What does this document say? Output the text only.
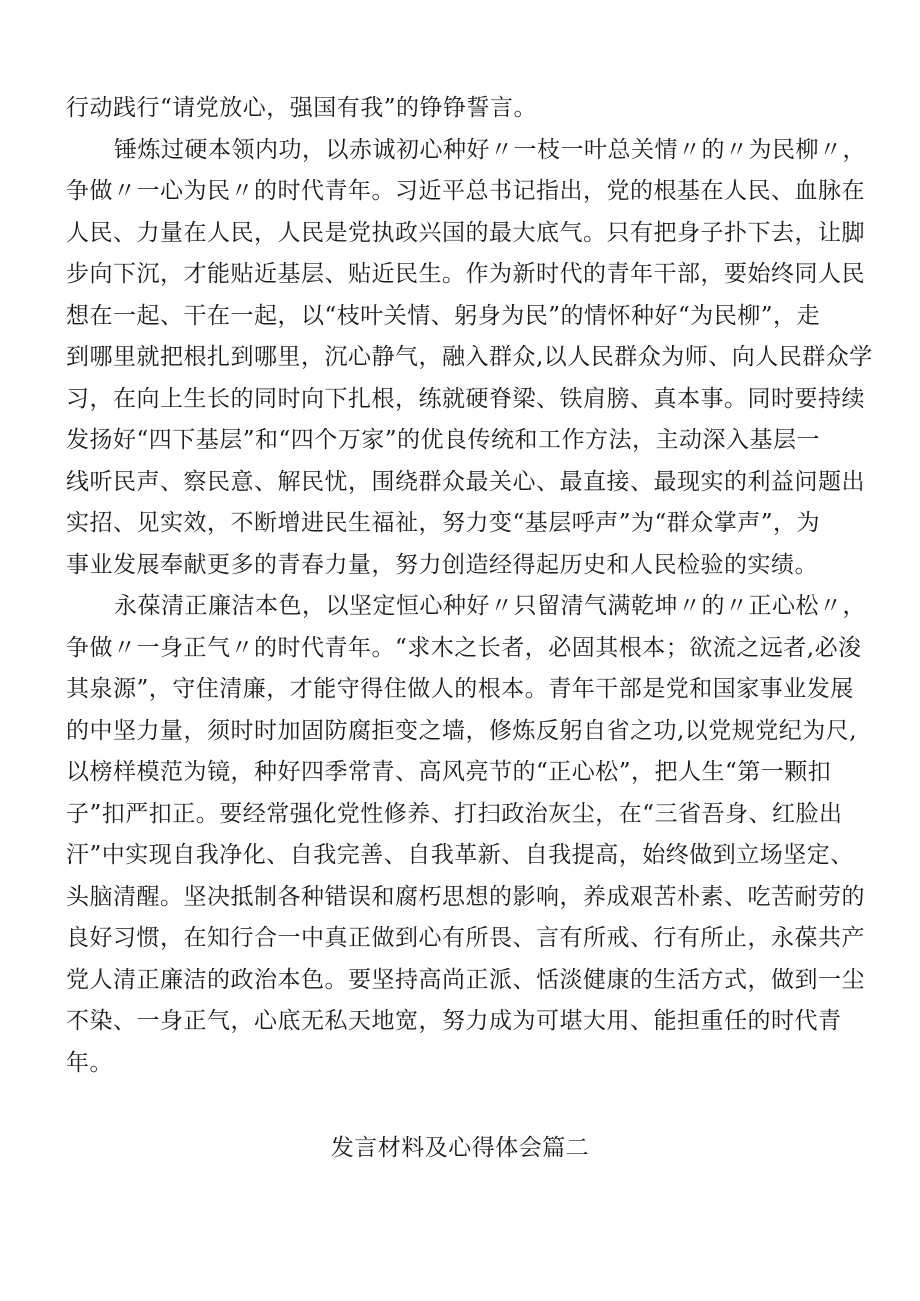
行动践行“请党放心，强国有我”的铮铮誓言。
锤炼过硬本领内功，以赤诚初心种好〃一枝一叶总关情〃的〃为民柳〃，
争做〃一心为民〃的时代青年。习近平总书记指出，党的根基在人民、血脉在
人民、力量在人民，人民是党执政兴国的最大底气。只有把身子扑下去，让脚
步向下沉，才能贴近基层、贴近民生。作为新时代的青年干部，要始终同人民
想在一起、干在一起，以“枝叶关情、躬身为民”的情怀种好“为民柳”，走
到哪里就把根扎到哪里，沉心静气，融入群众,以人民群众为师、向人民群众学
习，在向上生长的同时向下扎根，练就硬脊梁、铁肩膀、真本事。同时要持续
发扬好“四下基层”和“四个万家”的优良传统和工作方法，主动深入基层一
线听民声、察民意、解民忧，围绕群众最关心、最直接、最现实的利益问题出
实招、见实效，不断增进民生福祉，努力变“基层呼声”为“群众掌声”，为
事业发展奉献更多的青春力量，努力创造经得起历史和人民检验的实绩。
永葆清正廉洁本色，以坚定恒心种好〃只留清气满乾坤〃的〃正心松〃，
争做〃一身正气〃的时代青年。“求木之长者，必固其根本；欲流之远者,必浚
其泉源”，守住清廉，才能守得住做人的根本。青年干部是党和国家事业发展
的中坚力量，须时时加固防腐拒变之墙，修炼反躬自省之功,以党规党纪为尺,
以榜样模范为镜，种好四季常青、高风亮节的“正心松”，把人生“第一颗扣
子”扣严扣正。要经常强化党性修养、打扫政治灰尘，在“三省吾身、红脸出
汗”中实现自我净化、自我完善、自我革新、自我提高，始终做到立场坚定、
头脑清醒。坚决抵制各种错误和腐朽思想的影响，养成艰苦朴素、吃苦耐劳的
良好习惯，在知行合一中真正做到心有所畏、言有所戒、行有所止，永葆共产
党人清正廉洁的政治本色。要坚持高尚正派、恬淡健康的生活方式，做到一尘
不染、一身正气，心底无私天地宽，努力成为可堪大用、能担重任的时代青
年。
发言材料及心得体会篇二
